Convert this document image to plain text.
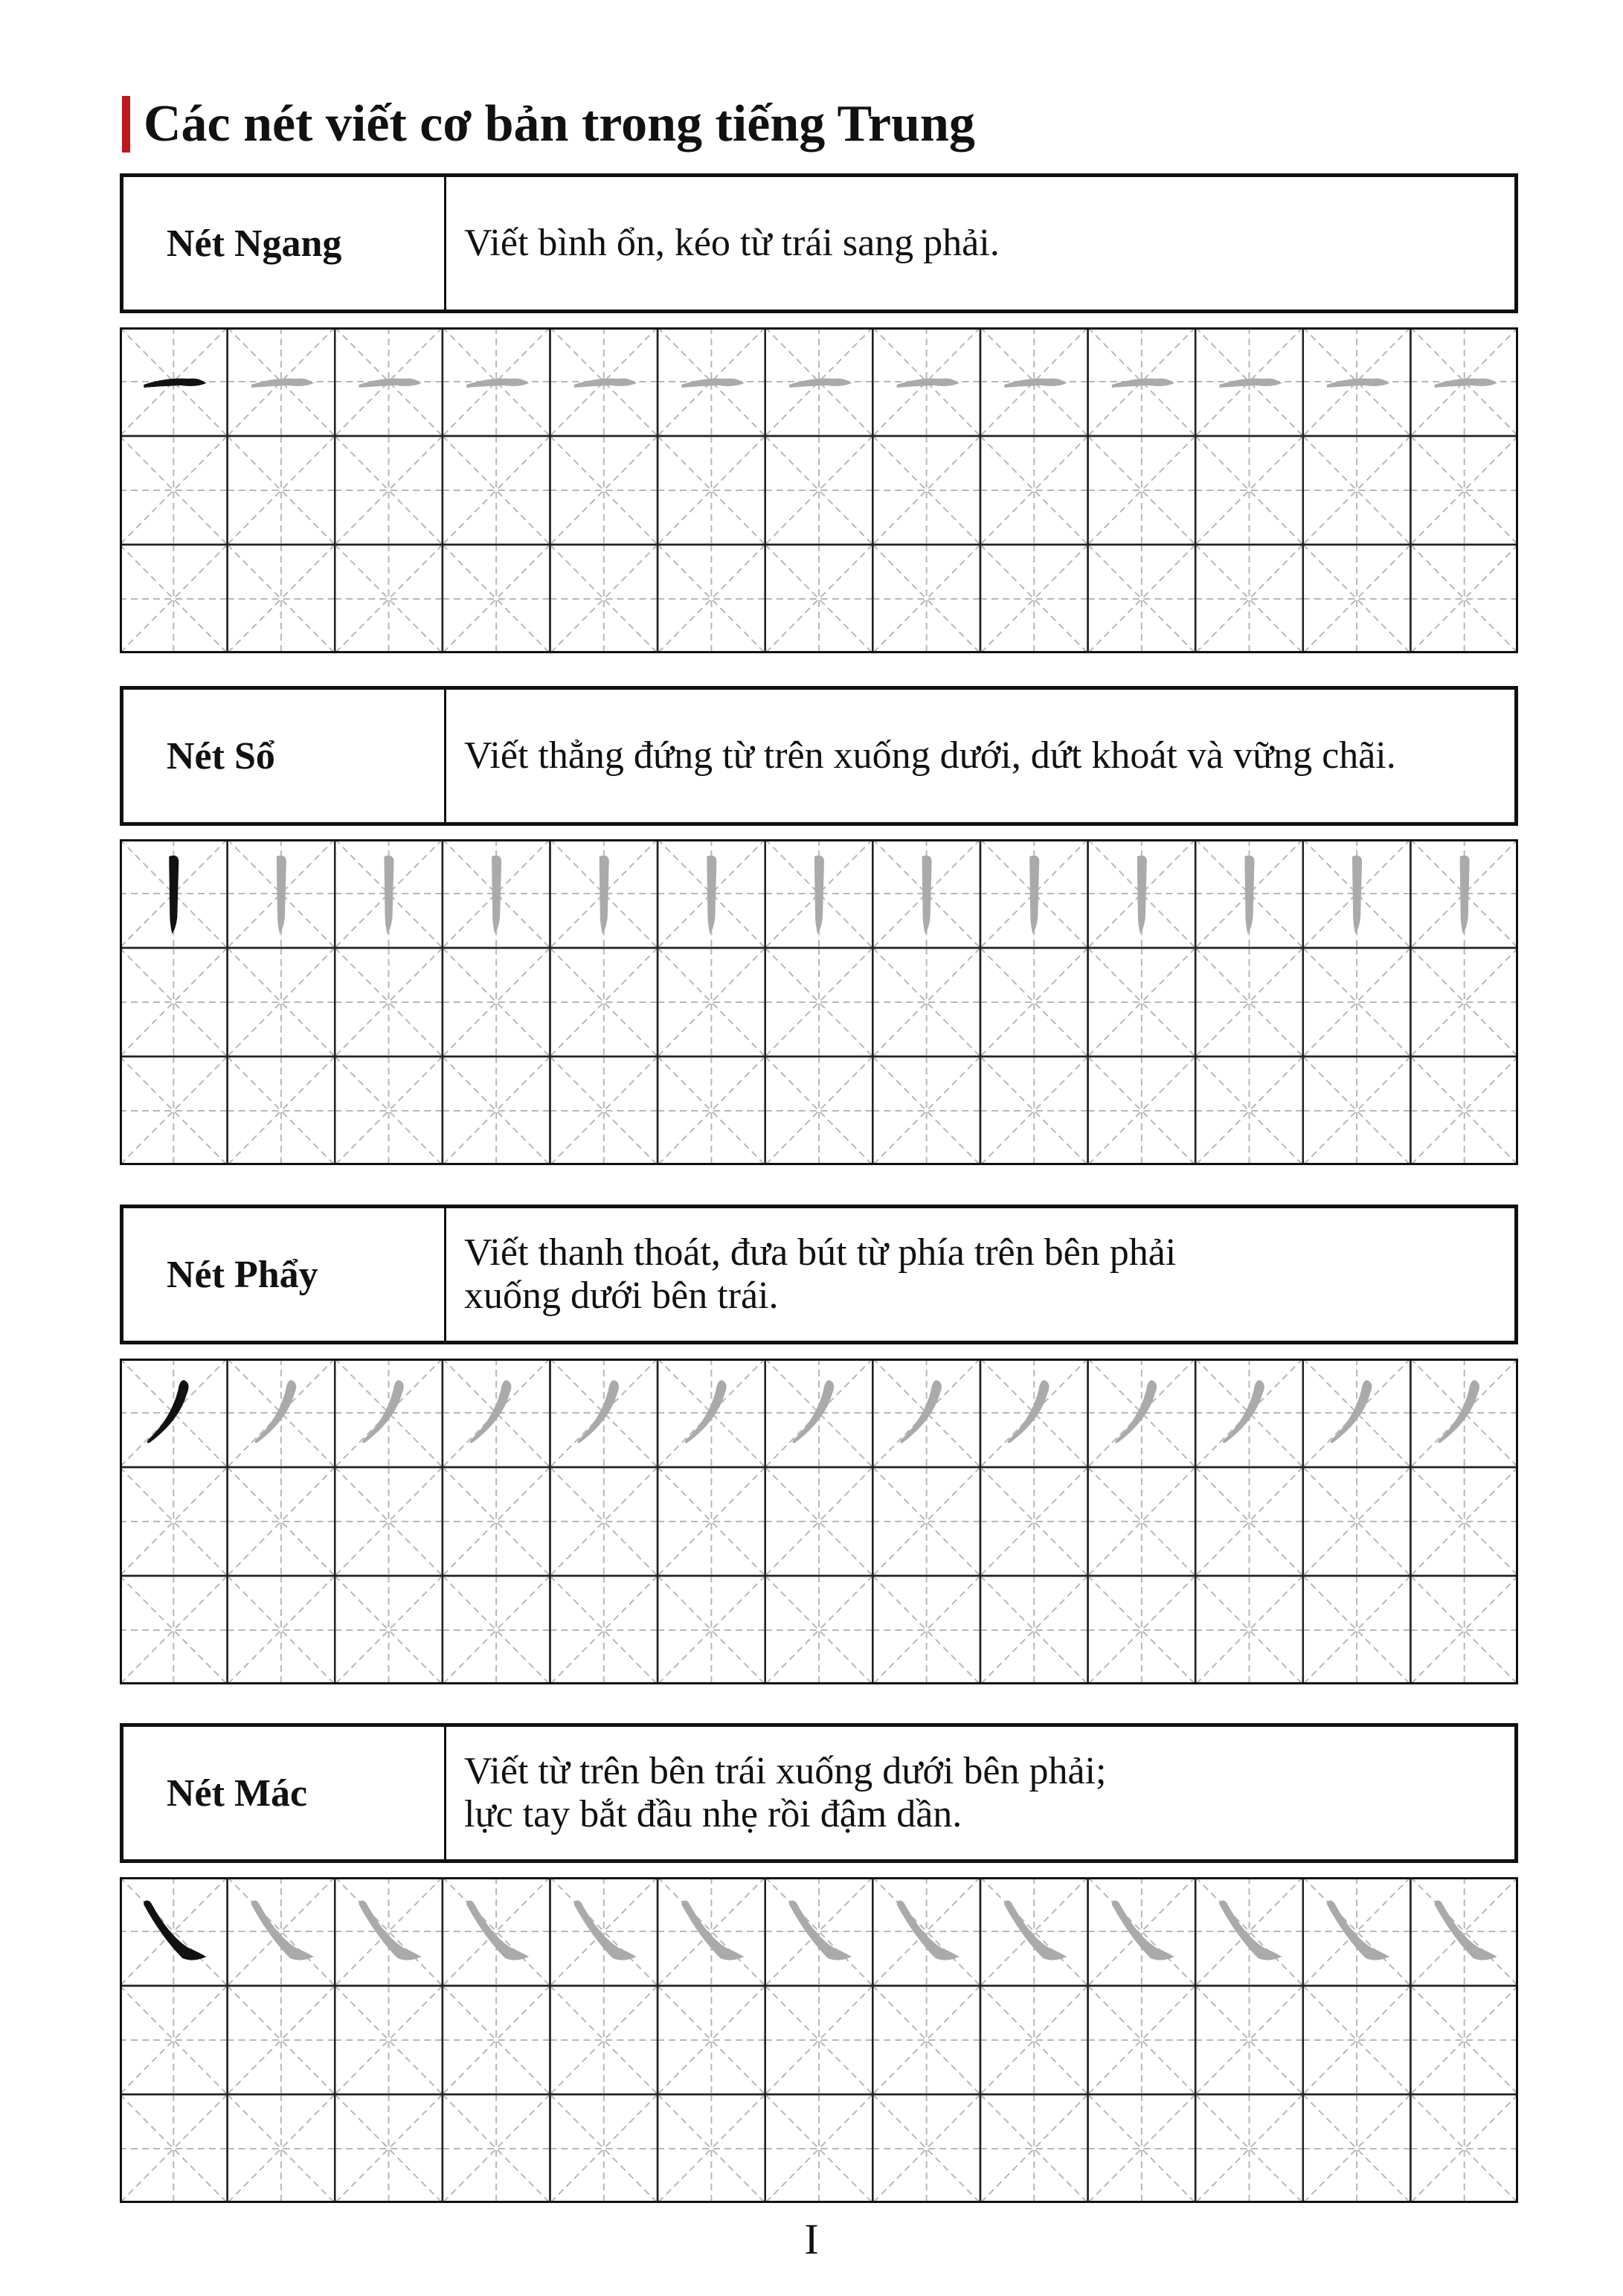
Các nét viết cơ bản trong tiếng Trung
Nét Ngang	Viết bình ổn, kéo từ trái sang phải.
Nét Sổ	Viết thẳng đứng từ trên xuống dưới, dứt khoát và vững chãi.
Nét Phẩy
Viết thanh thoát, đưa bút từ phía trên bên phải
xuống dưới bên trái.
Nét Mác
Viết từ trên bên trái xuống dưới bên phải;
lực tay bắt đầu nhẹ rồi đậm dần.
I
